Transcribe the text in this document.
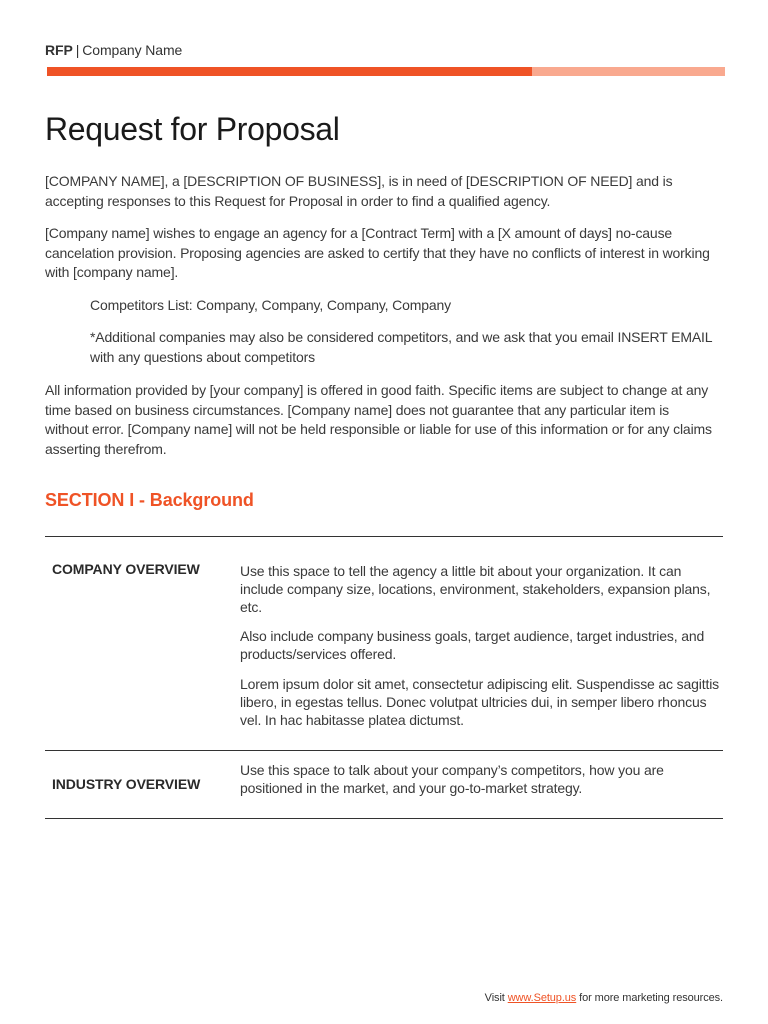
RFP | Company Name
Request for Proposal

[COMPANY NAME], a [DESCRIPTION OF BUSINESS], is in need of [DESCRIPTION OF NEED] and is accepting responses to this Request for Proposal in order to find a qualified agency.

[Company name] wishes to engage an agency for a [Contract Term] with a [X amount of days] no-cause cancelation provision. Proposing agencies are asked to certify that they have no conflicts of interest in working with [company name].

Competitors List: Company, Company, Company, Company

*Additional companies may also be considered competitors, and we ask that you email INSERT EMAIL with any questions about competitors

All information provided by [your company] is offered in good faith. Specific items are subject to change at any time based on business circumstances. [Company name] does not guarantee that any particular item is without error. [Company name] will not be held responsible or liable for use of this information or for any claims asserting therefrom.

SECTION I - Background
COMPANY OVERVIEW	Use this space to tell the agency a little bit about your organization. It can include company size, locations, environment, stakeholders, expansion plans, etc.

Also include company business goals, target audience, target industries, and products/services offered.

Lorem ipsum dolor sit amet, consectetur adipiscing elit. Suspendisse ac sagittis libero, in egestas tellus. Donec volutpat ultricies dui, in semper libero rhoncus vel. In hac habitasse platea dictumst.

INDUSTRY OVERVIEW

Use this space to talk about your company’s competitors, how you are positioned in the market, and your go-to-market strategy.

Visit www.Setup.us for more marketing resources.
